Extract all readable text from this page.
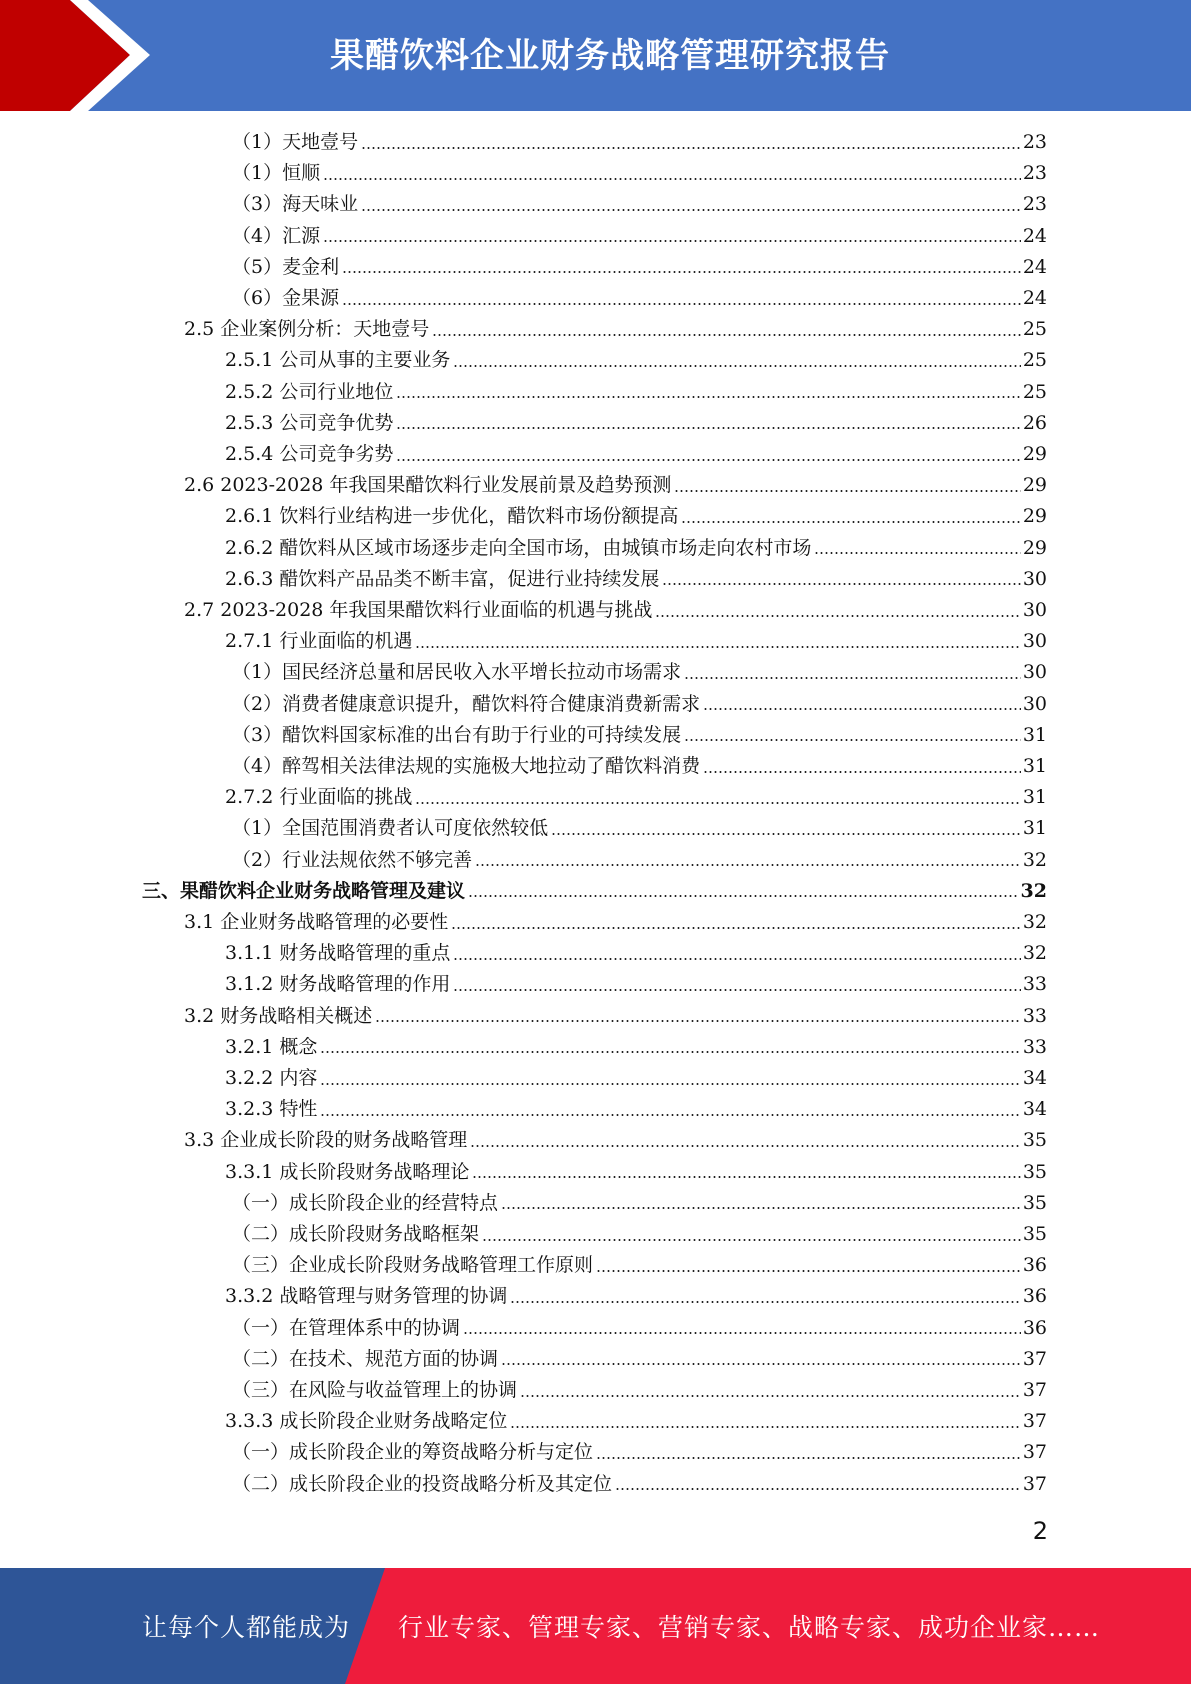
果醋饮料企业财务战略管理研究报告
（1）天地壹号	23
（1）恒顺	23
（3）海天味业	23
（4）汇源	24
（5）麦金利	24
（6）金果源	24
2.5 企业案例分析：天地壹号	25
2.5.1 公司从事的主要业务	25
2.5.2 公司行业地位	25
2.5.3 公司竞争优势	26
2.5.4 公司竞争劣势	29
2.6 2023-2028 年我国果醋饮料行业发展前景及趋势预测	29
2.6.1 饮料行业结构进一步优化，醋饮料市场份额提高	29
2.6.2 醋饮料从区域市场逐步走向全国市场，由城镇市场走向农村市场	29
2.6.3 醋饮料产品品类不断丰富，促进行业持续发展	30
2.7 2023-2028 年我国果醋饮料行业面临的机遇与挑战	30
2.7.1 行业面临的机遇	30
（1）国民经济总量和居民收入水平增长拉动市场需求	30
（2）消费者健康意识提升，醋饮料符合健康消费新需求	30
（3）醋饮料国家标准的出台有助于行业的可持续发展	31
（4）醉驾相关法律法规的实施极大地拉动了醋饮料消费	31
2.7.2 行业面临的挑战	31
（1）全国范围消费者认可度依然较低	31
（2）行业法规依然不够完善	32
三、果醋饮料企业财务战略管理及建议	32
3.1 企业财务战略管理的必要性	32
3.1.1 财务战略管理的重点	32
3.1.2 财务战略管理的作用	33
3.2 财务战略相关概述	33
3.2.1 概念	33
3.2.2 内容	34
3.2.3 特性	34
3.3 企业成长阶段的财务战略管理	35
3.3.1 成长阶段财务战略理论	35
（一）成长阶段企业的经营特点	35
（二）成长阶段财务战略框架	35
（三）企业成长阶段财务战略管理工作原则	36
3.3.2 战略管理与财务管理的协调	36
（一）在管理体系中的协调	36
（二）在技术、规范方面的协调	37
（三）在风险与收益管理上的协调	37
3.3.3 成长阶段企业财务战略定位	37
（一）成长阶段企业的筹资战略分析与定位	37
（二）成长阶段企业的投资战略分析及其定位	37
2
让每个人都能成为 行业专家、管理专家、营销专家、战略专家、成功企业家……
